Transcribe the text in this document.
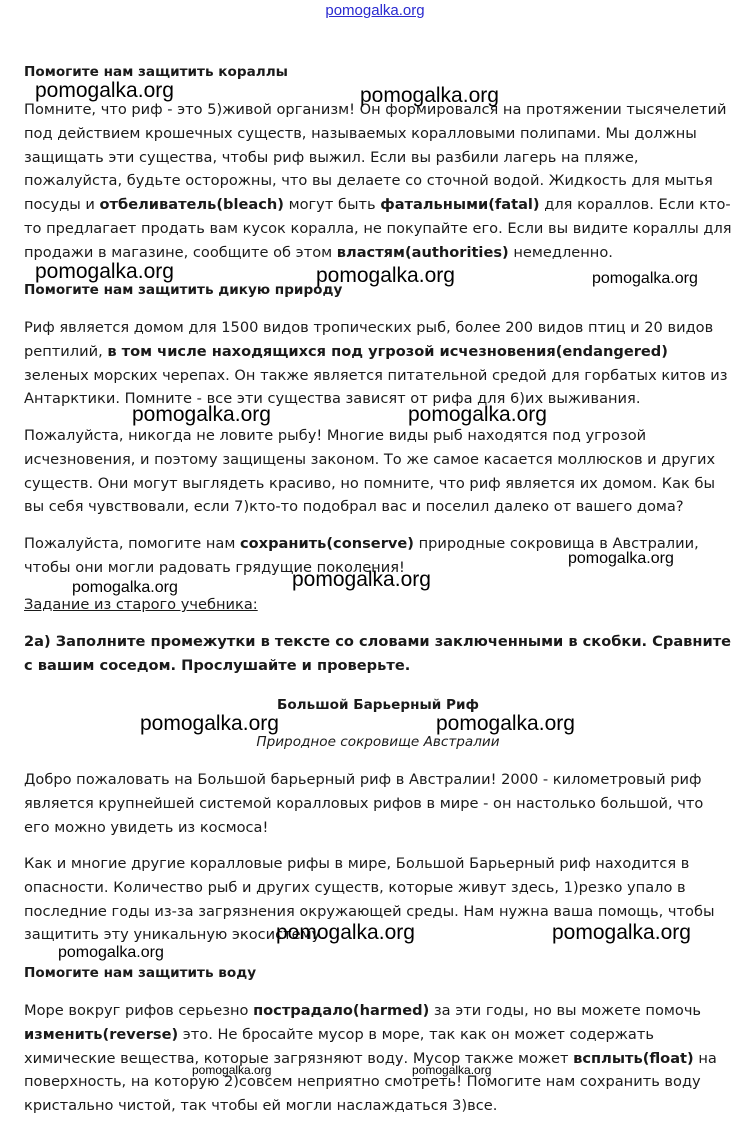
pomogalka.org
Помогите нам защитить кораллы
Помните, что риф - это 5)живой организм! Он формировался на протяжении тысячелетий под действием крошечных существ, называемых коралловыми полипами. Мы должны защищать эти существа, чтобы риф выжил. Если вы разбили лагерь на пляже, пожалуйста, будьте осторожны, что вы делаете со сточной водой. Жидкость для мытья посуды и отбеливатель(bleach) могут быть фатальными(fatal) для кораллов. Если кто-то предлагает продать вам кусок коралла, не покупайте его. Если вы видите кораллы для продажи в магазине, сообщите об этом властям(authorities) немедленно.
Помогите нам защитить дикую природу
Риф является домом для 1500 видов тропических рыб, более 200 видов птиц и 20 видов рептилий, в том числе находящихся под угрозой исчезновения(endangered) зеленых морских черепах. Он также является питательной средой для горбатых китов из Антарктики. Помните - все эти существа зависят от рифа для 6)их выживания.
Пожалуйста, никогда не ловите рыбу! Многие виды рыб находятся под угрозой исчезновения, и поэтому защищены законом. То же самое касается моллюсков и других существ. Они могут выглядеть красиво, но помните, что риф является их домом. Как бы вы себя чувствовали, если 7)кто-то подобрал вас и поселил далеко от вашего дома?
Пожалуйста, помогите нам сохранить(conserve) природные сокровища в Австралии, чтобы они могли радовать грядущие поколения!
Задание из старого учебника:
2a) Заполните промежутки в тексте со словами заключенными в скобки. Сравните с вашим соседом. Прослушайте и проверьте.
Большой Барьерный Риф
Природное сокровище Австралии
Добро пожаловать на Большой барьерный риф в Австралии! 2000 - километровый риф является крупнейшей системой коралловых рифов в мире - он настолько большой, что его можно увидеть из космоса!
Как и многие другие коралловые рифы в мире, Большой Барьерный риф находится в опасности. Количество рыб и других существ, которые живут здесь, 1)резко упало в последние годы из-за загрязнения окружающей среды. Нам нужна ваша помощь, чтобы защитить эту уникальную экосистему.
Помогите нам защитить воду
Море вокруг рифов серьезно пострадало(harmed) за эти годы, но вы можете помочь изменить(reverse) это. Не бросайте мусор в море, так как он может содержать химические вещества, которые загрязняют воду. Мусор также может всплыть(float) на поверхность, на которую 2)совсем неприятно смотреть! Помогите нам сохранить воду кристально чистой, так чтобы ей могли наслаждаться 3)все.
pomogalka.org	pomogalka.org
pomogalka.org	pomogalka.org	pomogalka.org
pomogalka.org	pomogalka.org
pomogalka.org
pomogalka.org
pomogalka.org
pomogalka.org	pomogalka.org
pomogalka.org	pomogalka.org
pomogalka.org
pomogalka.org	pomogalka.org
